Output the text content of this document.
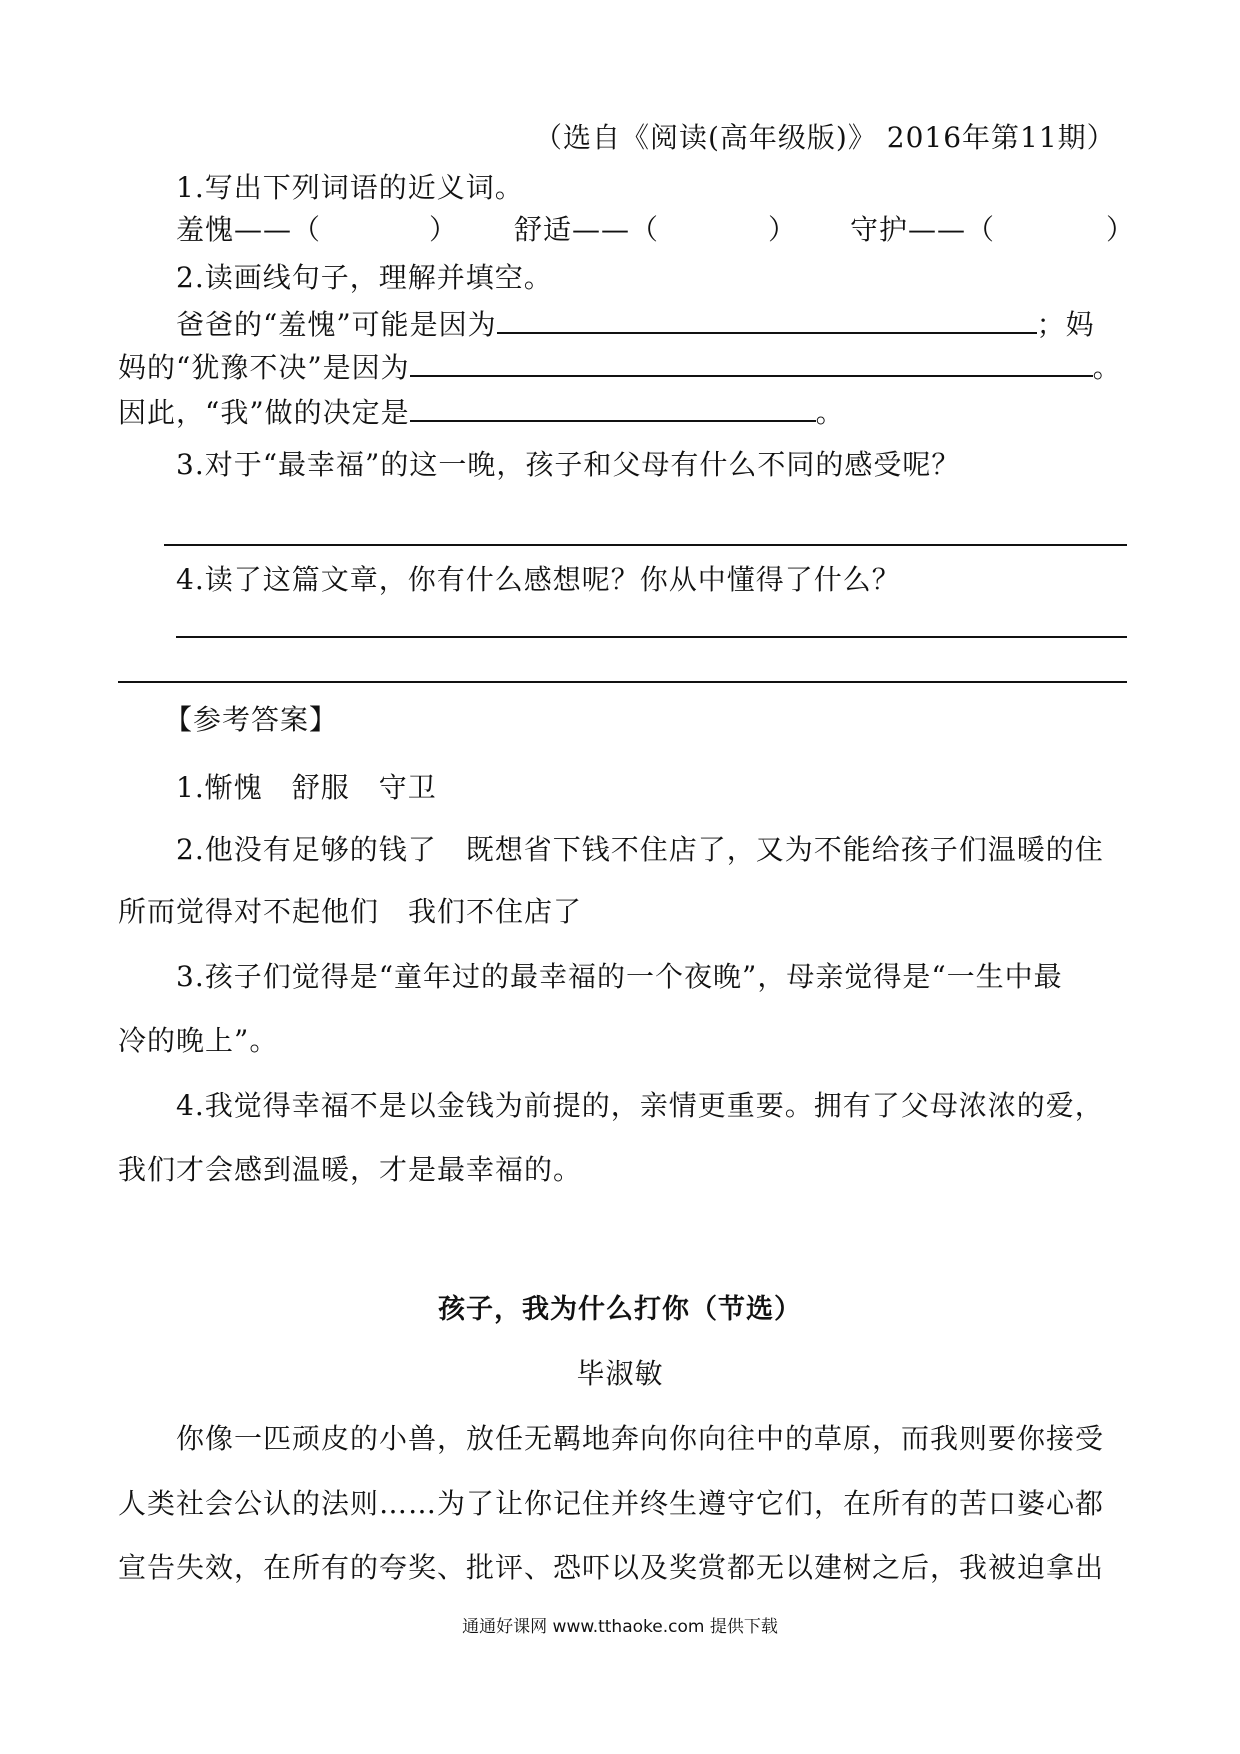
（选自《阅读(高年级版)》 2016年第11期）
1.写出下列词语的近义词。
羞愧——（	） 舒适——（	） 守护——（	）
2.读画线句子，理解并填空。
爸爸的“羞愧”可能是因为	；妈
妈的“犹豫不决”是因为	。
因此，“我”做的决定是	。
3.对于“最幸福”的这一晚，孩子和父母有什么不同的感受呢？
4.读了这篇文章，你有什么感想呢？你从中懂得了什么？
【参考答案】
1.惭愧　舒服　守卫
2.他没有足够的钱了　既想省下钱不住店了，又为不能给孩子们温暖的住
所而觉得对不起他们　我们不住店了
3.孩子们觉得是“童年过的最幸福的一个夜晚”，母亲觉得是“一生中最
冷的晚上”。
4.我觉得幸福不是以金钱为前提的，亲情更重要。拥有了父母浓浓的爱，
我们才会感到温暖，才是最幸福的。
孩子，我为什么打你（节选）
毕淑敏
你像一匹顽皮的小兽，放任无羁地奔向你向往中的草原，而我则要你接受
人类社会公认的法则……为了让你记住并终生遵守它们，在所有的苦口婆心都
宣告失效，在所有的夸奖、批评、恐吓以及奖赏都无以建树之后，我被迫拿出
通通好课网 www.tthaoke.com 提供下载
